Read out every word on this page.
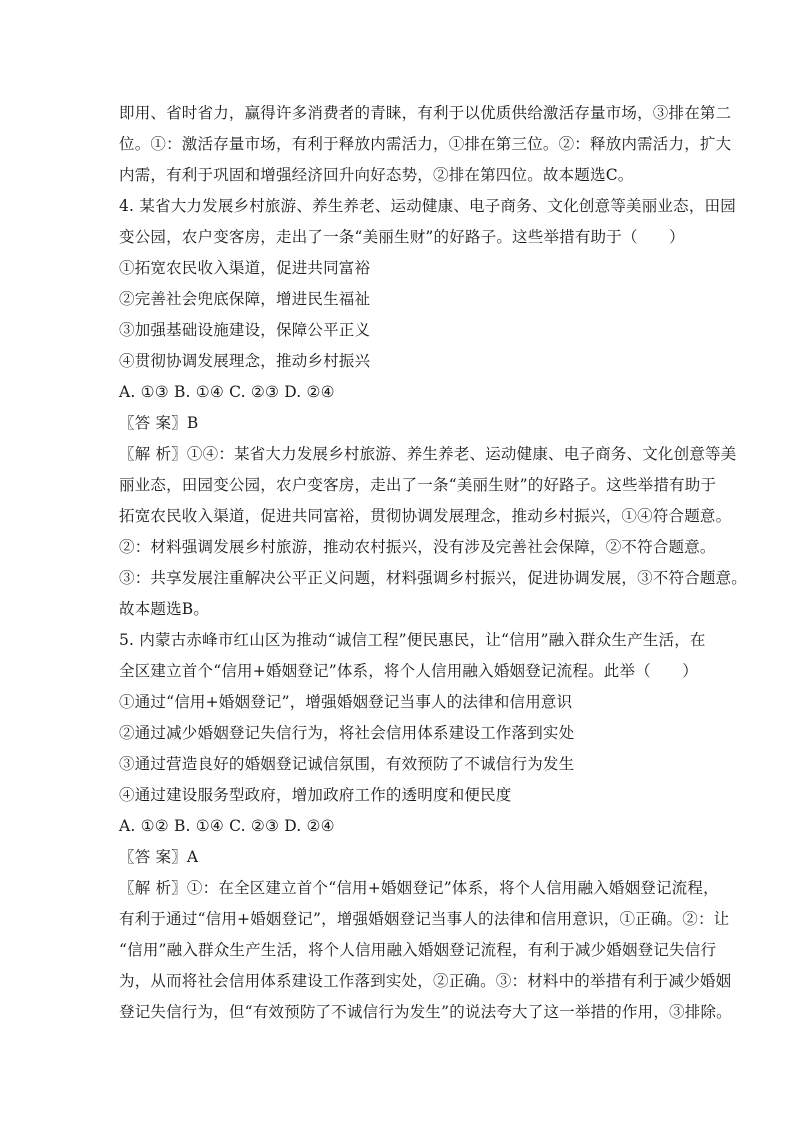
即用、省时省力，赢得许多消费者的青睐，有利于以优质供给激活存量市场，③排在第二
位。①：激活存量市场，有利于释放内需活力，①排在第三位。②：释放内需活力，扩大
内需，有利于巩固和增强经济回升向好态势，②排在第四位。故本题选C。
4. 某省大力发展乡村旅游、养生养老、运动健康、电子商务、文化创意等美丽业态，田园
变公园，农户变客房，走出了一条“美丽生财”的好路子。这些举措有助于（　　）
①拓宽农民收入渠道，促进共同富裕
②完善社会兜底保障，增进民生福祉
③加强基础设施建设，保障公平正义
④贯彻协调发展理念，推动乡村振兴
A. ①③ B. ①④ C. ②③ D. ②④
〖答 案〗B
〖解 析〗①④：某省大力发展乡村旅游、养生养老、运动健康、电子商务、文化创意等美
丽业态，田园变公园，农户变客房，走出了一条“美丽生财”的好路子。这些举措有助于
拓宽农民收入渠道，促进共同富裕，贯彻协调发展理念，推动乡村振兴，①④符合题意。
②：材料强调发展乡村旅游，推动农村振兴，没有涉及完善社会保障，②不符合题意。
③：共享发展注重解决公平正义问题，材料强调乡村振兴，促进协调发展，③不符合题意。
故本题选B。
5. 内蒙古赤峰市红山区为推动“诚信工程”便民惠民，让“信用”融入群众生产生活，在
全区建立首个“信用+婚姻登记”体系，将个人信用融入婚姻登记流程。此举（　　）
①通过“信用+婚姻登记”，增强婚姻登记当事人的法律和信用意识
②通过减少婚姻登记失信行为，将社会信用体系建设工作落到实处
③通过营造良好的婚姻登记诚信氛围，有效预防了不诚信行为发生
④通过建设服务型政府，增加政府工作的透明度和便民度
A. ①② B. ①④ C. ②③ D. ②④
〖答 案〗A
〖解 析〗①：在全区建立首个“信用+婚姻登记”体系，将个人信用融入婚姻登记流程，
有利于通过“信用+婚姻登记”，增强婚姻登记当事人的法律和信用意识，①正确。②：让
“信用”融入群众生产生活，将个人信用融入婚姻登记流程，有利于减少婚姻登记失信行
为，从而将社会信用体系建设工作落到实处，②正确。③：材料中的举措有利于减少婚姻
登记失信行为，但“有效预防了不诚信行为发生”的说法夸大了这一举措的作用，③排除。
